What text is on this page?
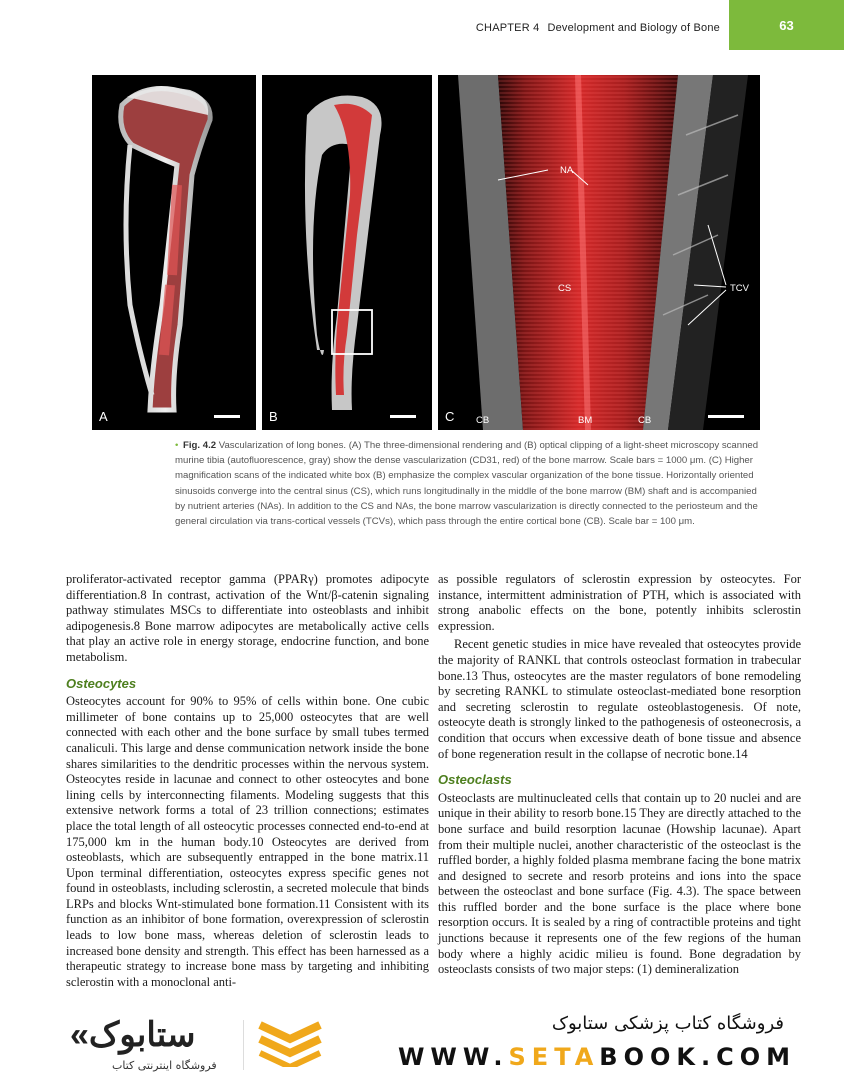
CHAPTER 4 Development and Biology of Bone	63
A	B
NA
CS	TCV
CB	BM	CB
C
• Fig. 4.2 Vascularization of long bones. (A) The three-dimensional rendering and (B) optical clipping of a light-sheet microscopy scanned murine tibia (autofluorescence, gray) show the dense vascularization (CD31, red) of the bone marrow. Scale bars = 1000 μm. (C) Higher magnification scans of the indicated white box (B) emphasize the complex vascular organization of the bone tissue. Horizontally oriented sinusoids converge into the central sinus (CS), which runs longitudinally in the middle of the bone marrow (BM) shaft and is accompanied by nutrient arteries (NAs). In addition to the CS and NAs, the bone marrow vascularization is directly connected to the periosteum and the general circulation via trans-cortical vessels (TCVs), which pass through the entire cortical bone (CB). Scale bar = 100 μm.

proliferator-activated receptor gamma (PPARγ) promotes adipocyte differentiation.8 In contrast, activation of the Wnt/β-catenin signaling pathway stimulates MSCs to differentiate into osteoblasts and inhibit adipogenesis.8 Bone marrow adipocytes are metabolically active cells that play an active role in energy storage, endocrine function, and bone metabolism.

Osteocytes

Osteocytes account for 90% to 95% of cells within bone. One cubic millimeter of bone contains up to 25,000 osteocytes that are well connected with each other and the bone surface by small tubes termed canaliculi. This large and dense communication network inside the bone shares similarities to the dendritic processes within the nervous system. Osteocytes reside in lacunae and connect to other osteocytes and bone lining cells by interconnecting filaments. Modeling suggests that this extensive network forms a total of 23 trillion connections; estimates place the total length of all osteocytic processes connected end-to-end at 175,000 km in the human body.10 Osteocytes are derived from osteoblasts, which are subsequently entrapped in the bone matrix.11 Upon terminal differentiation, osteocytes express specific genes not found in osteoblasts, including sclerostin, a secreted molecule that binds LRPs and blocks Wnt-stimulated bone formation.11 Consistent with its function as an inhibitor of bone formation, overexpression of sclerostin leads to low bone mass, whereas deletion of sclerostin leads to increased bone density and strength. This effect has been harnessed as a therapeutic strategy to increase bone mass by targeting and inhibiting sclerostin with a monoclonal anti-

as possible regulators of sclerostin expression by osteocytes. For instance, intermittent administration of PTH, which is associated with strong anabolic effects on the bone, potently inhibits sclerostin expression.

Recent genetic studies in mice have revealed that osteocytes provide the majority of RANKL that controls osteoclast formation in trabecular bone.13 Thus, osteocytes are the master regulators of bone remodeling by secreting RANKL to stimulate osteoclast-mediated bone resorption and secreting sclerostin to regulate osteoblastogenesis. Of note, osteocyte death is strongly linked to the pathogenesis of osteonecrosis, a condition that occurs when excessive death of bone tissue and absence of bone regeneration result in the collapse of necrotic bone.14

Osteoclasts

Osteoclasts are multinucleated cells that contain up to 20 nuclei and are unique in their ability to resorb bone.15 They are directly attached to the bone surface and build resorption lacunae (Howship lacunae). Apart from their multiple nuclei, another characteristic of the osteoclast is the ruffled border, a highly folded plasma membrane facing the bone matrix and designed to secrete and resorb proteins and ions into the space between the osteoclast and bone surface (Fig. 4.3). The space between this ruffled border and the bone surface is the place where bone resorption occurs. It is sealed by a ring of contractible proteins and tight junctions because it represents one of the few regions of the human body where a highly acidic milieu is found. Bone degradation by osteoclasts consists of two major steps: (1) demineralization

«ستابوک
فروشگاه اینترنتی کتاب
فروشگاه کتاب پزشکی ستابوک
WWW.SETABOOK.COM
